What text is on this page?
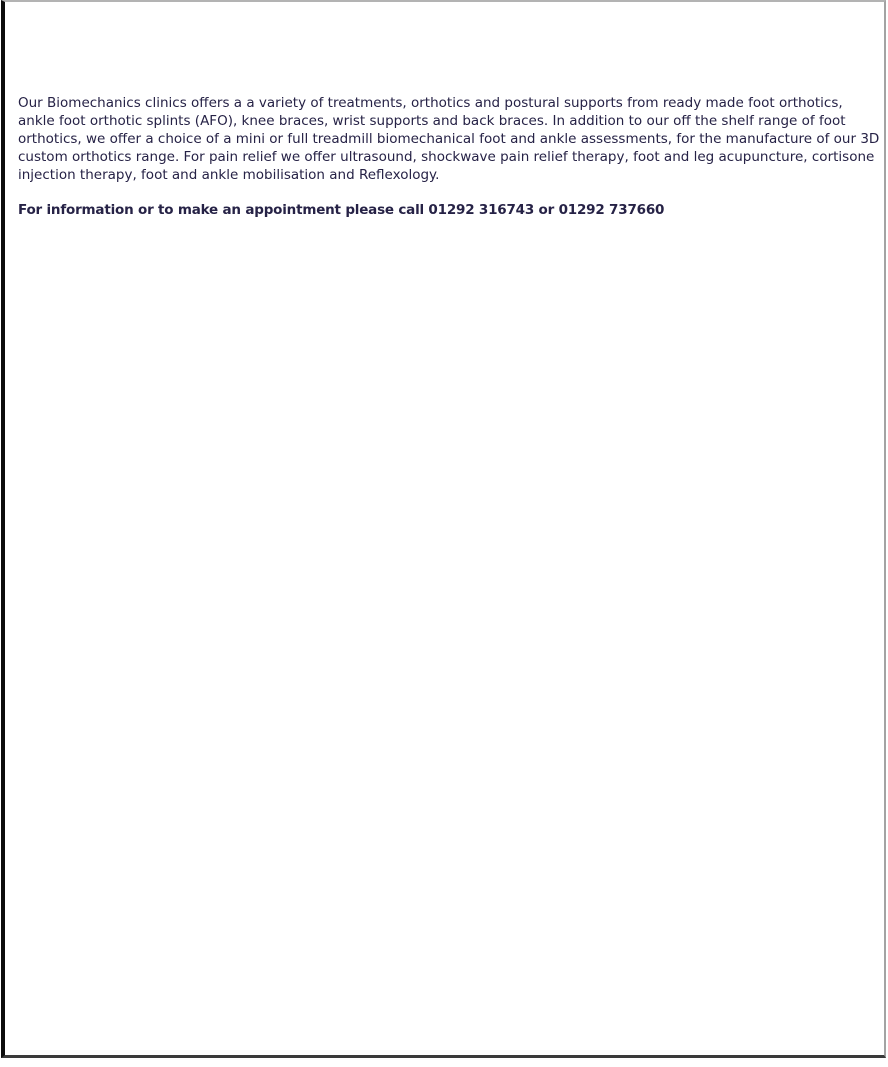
Our Biomechanics clinics offers a a variety of treatments, orthotics and postural supports from ready made foot orthotics, ankle foot orthotic splints (AFO), knee braces, wrist supports and back braces. In addition to our off the shelf range of foot orthotics, we offer a choice of a mini or full treadmill biomechanical foot and ankle assessments, for the manufacture of our 3D custom orthotics range. For pain relief we offer ultrasound, shockwave pain relief therapy, foot and leg acupuncture, cortisone injection therapy, foot and ankle mobilisation and Reflexology.

For information or to make an appointment please call 01292 316743 or 01292 737660
